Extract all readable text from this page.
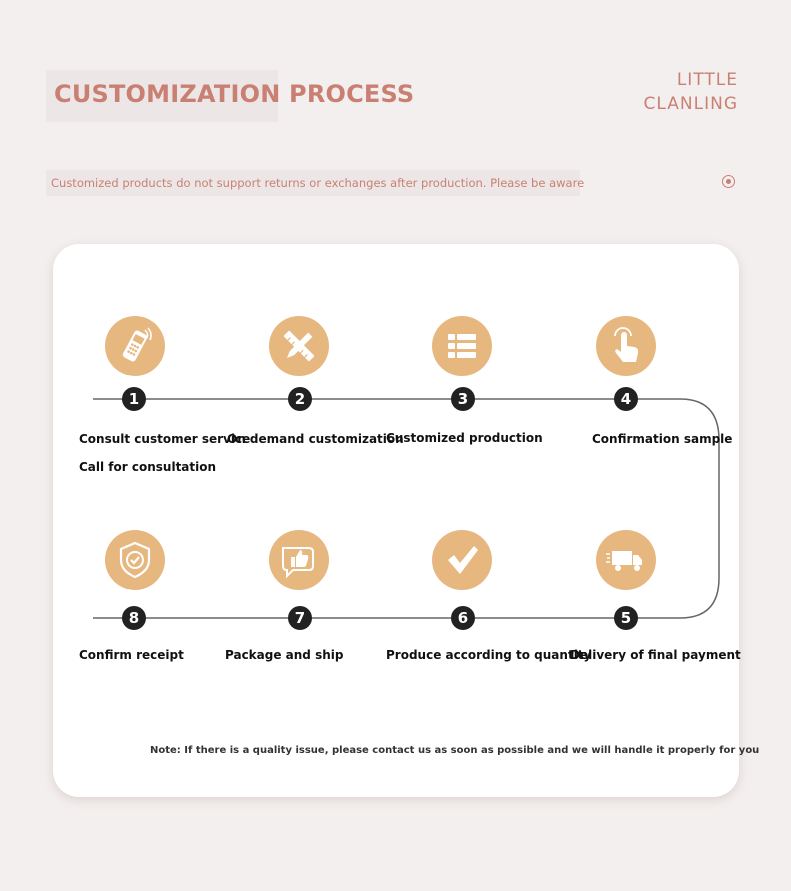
CUSTOMIZATION PROCESS	LITTLE
CLANLING
Customized products do not support returns or exchanges after production. Please be aware
1	2	3	4
5
6
7
8
Consult customer service
Call for consultation
On demand customization
Customized production	Confirmation sample
Delivery of final payment
Produce according to quantity
Package and ship
Confirm receipt
Note: If there is a quality issue, please contact us as soon as possible and we will handle it properly for you
